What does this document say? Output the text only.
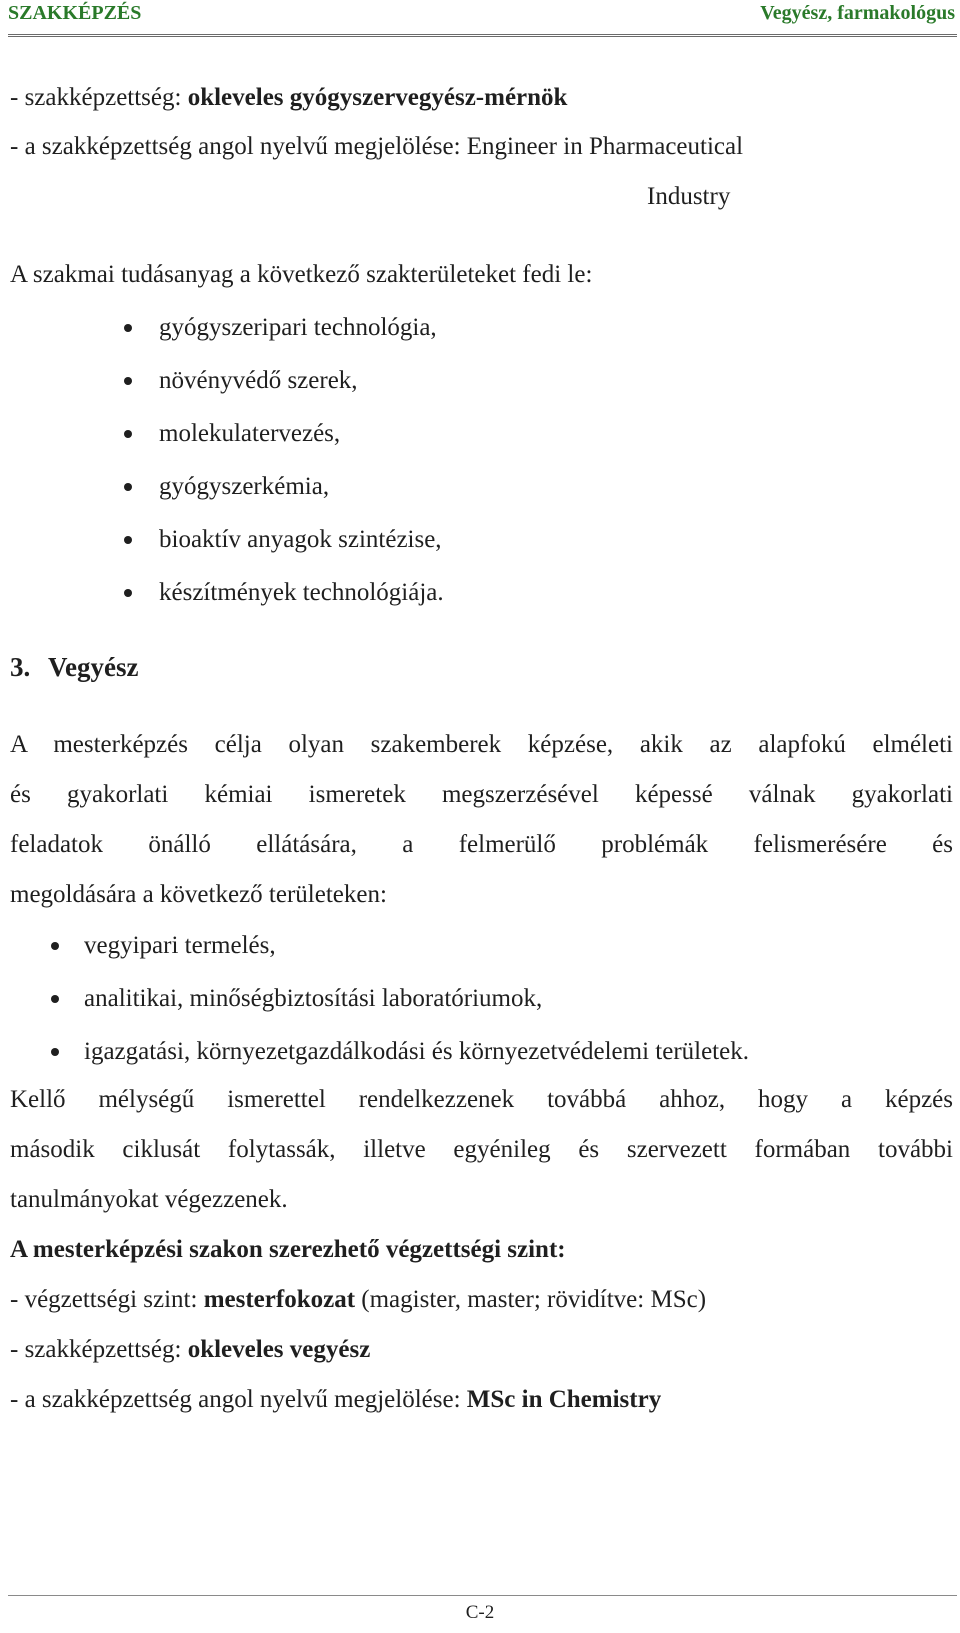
SZAKKÉPZÉS	Vegyész, farmakológus
- szakképzettség: okleveles gyógyszervegyész-mérnök
- a szakképzettség angol nyelvű megjelölése: Engineer in Pharmaceutical
Industry
A szakmai tudásanyag a következő szakterületeket fedi le:
gyógyszeripari technológia,
növényvédő szerek,
molekulatervezés,
gyógyszerkémia,
bioaktív anyagok szintézise,
készítmények technológiája.
3. Vegyész
A mesterképzés célja olyan szakemberek képzése, akik az alapfokú elméleti
és gyakorlati kémiai ismeretek megszerzésével képessé válnak gyakorlati
feladatok önálló ellátására, a felmerülő problémák felismerésére és
megoldására a következő területeken:
vegyipari termelés,
analitikai, minőségbiztosítási laboratóriumok,
igazgatási, környezetgazdálkodási és környezetvédelemi területek.
Kellő mélységű ismerettel rendelkezzenek továbbá ahhoz, hogy a képzés
második ciklusát folytassák, illetve egyénileg és szervezett formában további
tanulmányokat végezzenek.
A mesterképzési szakon szerezhető végzettségi szint:
- végzettségi szint: mesterfokozat (magister, master; rövidítve: MSc)
- szakképzettség: okleveles vegyész
- a szakképzettség angol nyelvű megjelölése: MSc in Chemistry
C-2
